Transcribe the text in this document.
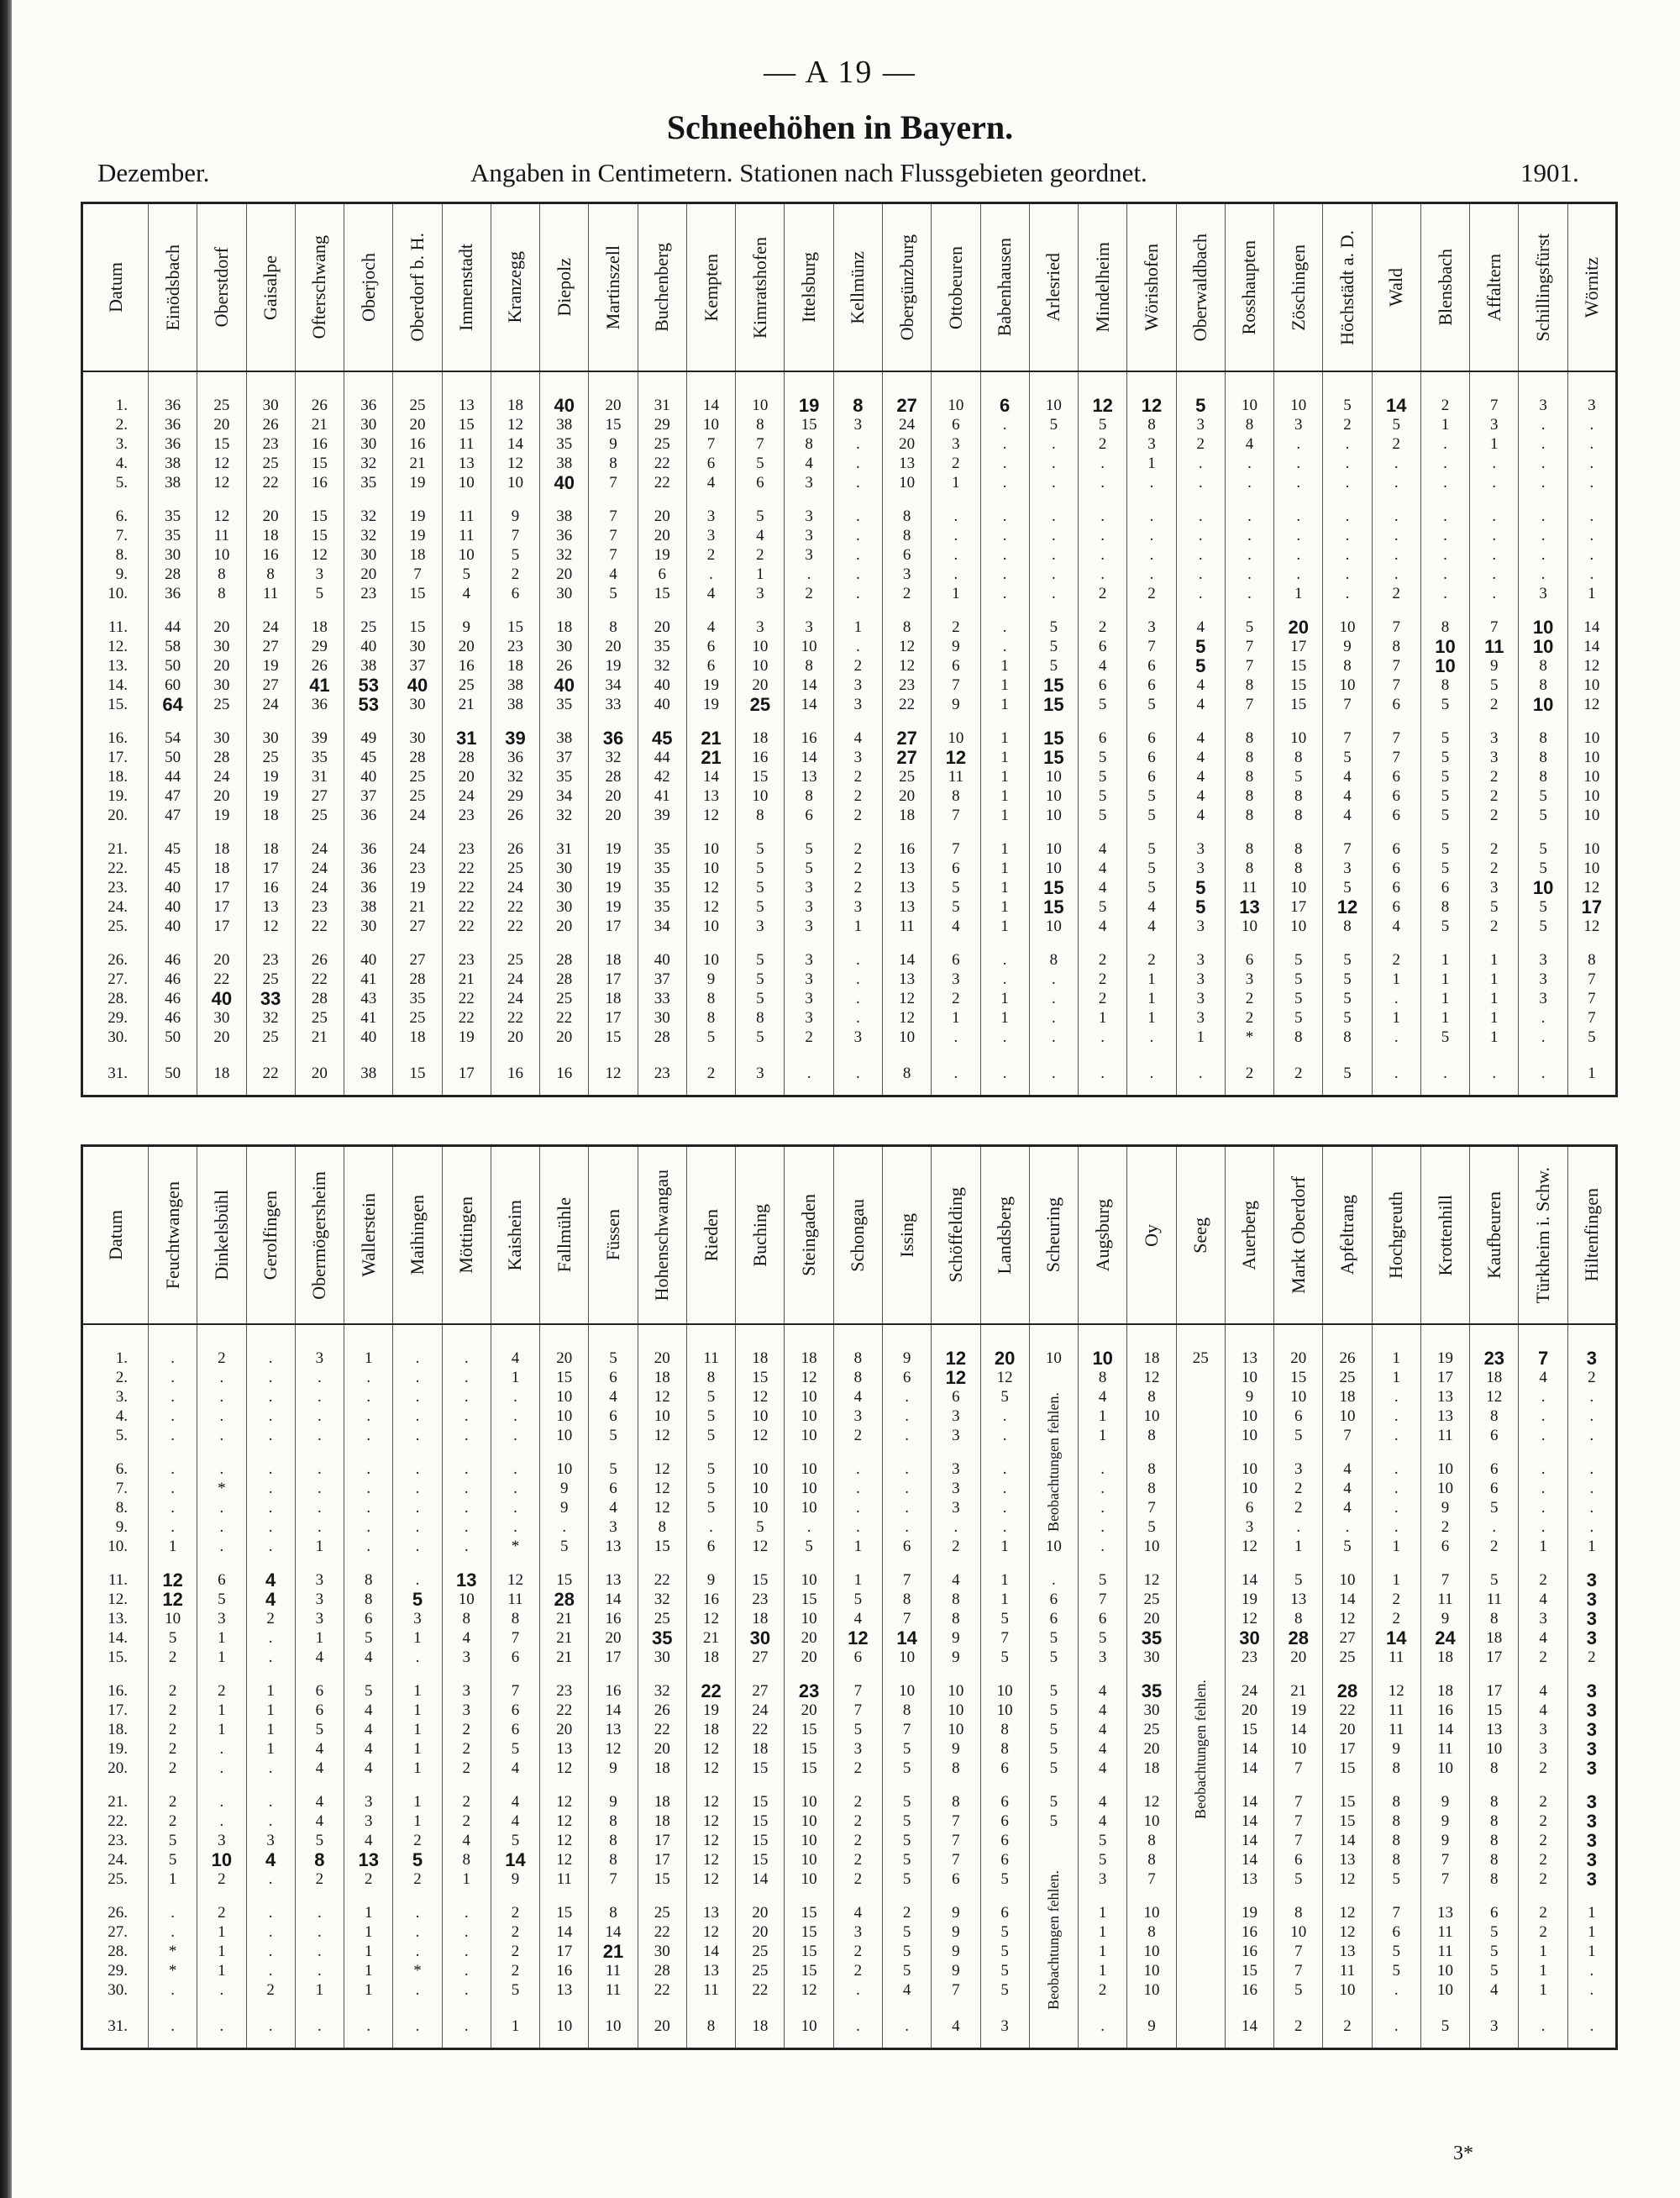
— A 19 —
Schneehöhen in Bayern.
Dezember.	Angaben in Centimetern. Stationen nach Flussgebieten geordnet.	1901.
Datum	Einödsbach	Oberstdorf	Gaisalpe	Ofterschwang	Oberjoch	Oberdorf b. H.	Immenstadt	Kranzegg	Diepolz	Martinszell	Buchenberg	Kempten	Kimratshofen	Ittelsburg	Kellmünz	Obergünzburg	Ottobeuren	Babenhausen	Arlesried	Mindelheim	Wörishofen	Oberwaldbach	Rosshaupten	Zöschingen	Höchstädt a. D.	Wald	Blensbach	Affaltern	Schillingsfürst	Wörnitz

1.	36	25	30	26	36	25	13	18	40	20	31	14	10	19	8	27	10	6	10	12	12	5	10	10	5	14	2	7	3	3
2.	36	20	26	21	30	20	15	12	38	15	29	10	8	15	3	24	6	.	5	5	8	3	8	3	2	5	1	3	.	.
3.	36	15	23	16	30	16	11	14	35	9	25	7	7	8	.	20	3	.	.	2	3	2	4	.	.	2	.	1	.	.
4.	38	12	25	15	32	21	13	12	38	8	22	6	5	4	.	13	2	.	.	.	1	.	.	.	.	.	.	.	.	.
5.	38	12	22	16	35	19	10	10	40	7	22	4	6	3	.	10	1	.	.	.	.	.	.	.	.	.	.	.	.	.
6.	35	12	20	15	32	19	11	9	38	7	20	3	5	3	.	8	.	.	.	.	.	.	.	.	.	.	.	.	.	.
7.	35	11	18	15	32	19	11	7	36	7	20	3	4	3	.	8	.	.	.	.	.	.	.	.	.	.	.	.	.	.
8.	30	10	16	12	30	18	10	5	32	7	19	2	2	3	.	6	.	.	.	.	.	.	.	.	.	.	.	.	.	.
9.	28	8	8	3	20	7	5	2	20	4	6	.	1	.	.	3	.	.	.	.	.	.	.	.	.	.	.	.	.	.
10.	36	8	11	5	23	15	4	6	30	5	15	4	3	2	.	2	1	.	.	2	2	.	.	1	.	2	.	.	3	1
11.	44	20	24	18	25	15	9	15	18	8	20	4	3	3	1	8	2	.	5	2	3	4	5	20	10	7	8	7	10	14
12.	58	30	27	29	40	30	20	23	30	20	35	6	10	10	.	12	9	.	5	6	7	5	7	17	9	8	10	11	10	14
13.	50	20	19	26	38	37	16	18	26	19	32	6	10	8	2	12	6	1	5	4	6	5	7	15	8	7	10	9	8	12
14.	60	30	27	41	53	40	25	38	40	34	40	19	20	14	3	23	7	1	15	6	6	4	8	15	10	7	8	5	8	10
15.	64	25	24	36	53	30	21	38	35	33	40	19	25	14	3	22	9	1	15	5	5	4	7	15	7	6	5	2	10	12
16.	54	30	30	39	49	30	31	39	38	36	45	21	18	16	4	27	10	1	15	6	6	4	8	10	7	7	5	3	8	10
17.	50	28	25	35	45	28	28	36	37	32	44	21	16	14	3	27	12	1	15	5	6	4	8	8	5	7	5	3	8	10
18.	44	24	19	31	40	25	20	32	35	28	42	14	15	13	2	25	11	1	10	5	6	4	8	5	4	6	5	2	8	10
19.	47	20	19	27	37	25	24	29	34	20	41	13	10	8	2	20	8	1	10	5	5	4	8	8	4	6	5	2	5	10
20.	47	19	18	25	36	24	23	26	32	20	39	12	8	6	2	18	7	1	10	5	5	4	8	8	4	6	5	2	5	10
21.	45	18	18	24	36	24	23	26	31	19	35	10	5	5	2	16	7	1	10	4	5	3	8	8	7	6	5	2	5	10
22.	45	18	17	24	36	23	22	25	30	19	35	10	5	5	2	13	6	1	10	4	5	3	8	8	3	6	5	2	5	10
23.	40	17	16	24	36	19	22	24	30	19	35	12	5	3	2	13	5	1	15	4	5	5	11	10	5	6	6	3	10	12
24.	40	17	13	23	38	21	22	22	30	19	35	12	5	3	3	13	5	1	15	5	4	5	13	17	12	6	8	5	5	17
25.	40	17	12	22	30	27	22	22	20	17	34	10	3	3	1	11	4	1	10	4	4	3	10	10	8	4	5	2	5	12
26.	46	20	23	26	40	27	23	25	28	18	40	10	5	3	.	14	6	.	8	2	2	3	6	5	5	2	1	1	3	8
27.	46	22	25	22	41	28	21	24	28	17	37	9	5	3	.	13	3	.	.	2	1	3	3	5	5	1	1	1	3	7
28.	46	40	33	28	43	35	22	24	25	18	33	8	5	3	.	12	2	1	.	2	1	3	2	5	5	.	1	1	3	7
29.	46	30	32	25	41	25	22	22	22	17	30	8	8	3	.	12	1	1	.	1	1	3	2	5	5	1	1	1	.	7
30.	50	20	25	21	40	18	19	20	20	15	28	5	5	2	3	10	.	.	.	.	.	1	*	8	8	.	5	1	.	5
31.	50	18	22	20	38	15	17	16	16	12	23	2	3	.	.	8	.	.	.	.	.	.	2	2	5	.	.	.	.	1
Datum	Feuchtwangen	Dinkelsbühl	Gerolfingen	Obermögersheim	Wallerstein	Maihingen	Möttingen	Kaisheim	Fallmühle	Füssen	Hohenschwangau	Rieden	Buching	Steingaden	Schongau	Issing	Schöffelding	Landsberg	Scheuring	Augsburg	Oy	Seeg	Auerberg	Markt Oberdorf	Apfeltrang	Hochgreuth	Krottenhill	Kaufbeuren	Türkheim i. Schw.	Hiltenfingen

1.	.	2	.	3	1	.	.	4	20	5	20	11	18	18	8	9	12	20	10	10	18	25	13	20	26	1	19	23	7	3
2.	.	.	.	.	.	.	.	1	15	6	18	8	15	12	8	6	12	12		8	12		10	15	25	1	17	18	4	2
3.	.	.	.	.	.	.	.	.	10	4	12	5	12	10	4	.	6	5		4	8		9	10	18	.	13	12	.	.
4.	.	.	.	.	.	.	.	.	10	6	10	5	10	10	3	.	3	.		1	10		10	6	10	.	13	8	.	.
5.	.	.	.	.	.	.	.	.	10	5	12	5	12	10	2	.	3	.		1	8		10	5	7	.	11	6	.	.
6.	.	.	.	.	.	.	.	.	10	5	12	5	10	10	.	.	3	.		.	8		10	3	4	.	10	6	.	.
7.	.	*	.	.	.	.	.	.	9	6	12	5	10	10	.	.	3	.		.	8		10	2	4	.	10	6	.	.
8.	.	.	.	.	.	.	.	.	9	4	12	5	10	10	.	.	3	.		.	7		6	2	4	.	9	5	.	.
9.	.	.	.	.	.	.	.	.	.	3	8	.	5	.	.	.	.	.		.	5		3	.	.	.	2	.	.	.
10.	1	.	.	1	.	.	.	*	5	13	15	6	12	5	1	6	2	1	10	.	10		12	1	5	1	6	2	1	1
11.	12	6	4	3	8	.	13	12	15	13	22	9	15	10	1	7	4	1	.	5	12		14	5	10	1	7	5	2	3
12.	12	5	4	3	8	5	10	11	28	14	32	16	23	15	5	8	8	1	6	7	25		19	13	14	2	11	11	4	3
13.	10	3	2	3	6	3	8	8	21	16	25	12	18	10	4	7	8	5	6	6	20		12	8	12	2	9	8	3	3
14.	5	1	.	1	5	1	4	7	21	20	35	21	30	20	12	14	9	7	5	5	35		30	28	27	14	24	18	4	3
15.	2	1	.	4	4	.	3	6	21	17	30	18	27	20	6	10	9	5	5	3	30		23	20	25	11	18	17	2	2
16.	2	2	1	6	5	1	3	7	23	16	32	22	27	23	7	10	10	10	5	4	35		24	21	28	12	18	17	4	3
17.	2	1	1	6	4	1	3	6	22	14	26	19	24	20	7	8	10	10	5	4	30		20	19	22	11	16	15	4	3
18.	2	1	1	5	4	1	2	6	20	13	22	18	22	15	5	7	10	8	5	4	25		15	14	20	11	14	13	3	3
19.	2	.	1	4	4	1	2	5	13	12	20	12	18	15	3	5	9	8	5	4	20		14	10	17	9	11	10	3	3
20.	2	.	.	4	4	1	2	4	12	9	18	12	15	15	2	5	8	6	5	4	18		14	7	15	8	10	8	2	3
21.	2	.	.	4	3	1	2	4	12	9	18	12	15	10	2	5	8	6	5	4	12		14	7	15	8	9	8	2	3
22.	2	.	.	4	3	1	2	4	12	8	18	12	15	10	2	5	7	6	5	4	10		14	7	15	8	9	8	2	3
23.	5	3	3	5	4	2	4	5	12	8	17	12	15	10	2	5	7	6		5	8		14	7	14	8	9	8	2	3
24.	5	10	4	8	13	5	8	14	12	8	17	12	15	10	2	5	7	6		5	8		14	6	13	8	7	8	2	3
25.	1	2	.	2	2	2	1	9	11	7	15	12	14	10	2	5	6	5		3	7		13	5	12	5	7	8	2	3
26.	.	2	.	.	1	.	.	2	15	8	25	13	20	15	4	2	9	6		1	10		19	8	12	7	13	6	2	1
27.	.	1	.	.	1	.	.	2	14	14	22	12	20	15	3	5	9	5		1	8		16	10	12	6	11	5	2	1
28.	*	1	.	.	1	.	.	2	17	21	30	14	25	15	2	5	9	5		1	10		16	7	13	5	11	5	1	1
29.	*	1	.	.	1	*	.	2	16	11	28	13	25	15	2	5	9	5		1	10		15	7	11	5	10	5	1	.
30.	.	.	2	1	1	.	.	5	13	11	22	11	22	12	.	4	7	5		2	10		16	5	10	.	10	4	1	.
31.	.	.	.	.	.	.	.	1	10	10	20	8	18	10	.	.	4	3		.	9		14	2	2	.	5	3	.	.
3*
Beobachtungen fehlen.
Beobachtungen fehlen.
Beobachtungen fehlen.
